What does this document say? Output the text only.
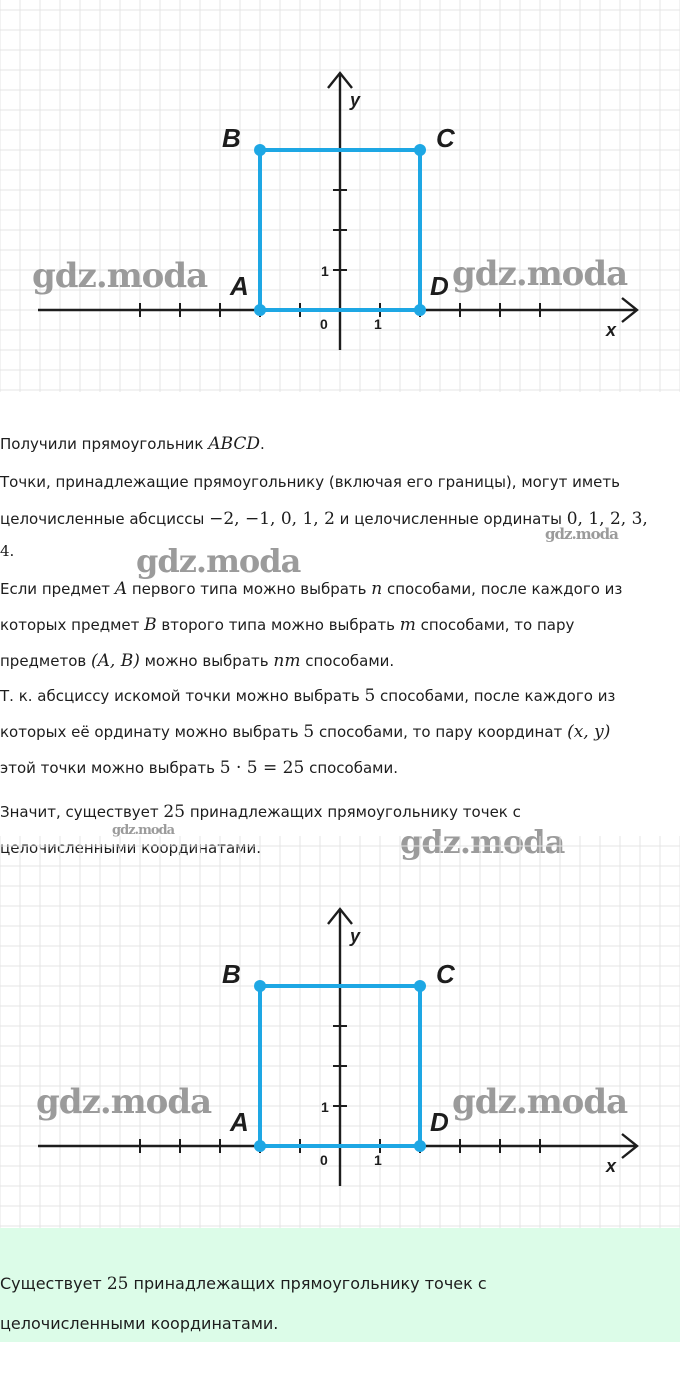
B	C
A	D
y
x
0	1
1
gdz.moda	gdz.moda
Получили прямоугольник ABCD.
Точки, принадлежащие прямоугольнику (включая его границы), могут иметь
целочисленные абсциссы −2, −1, 0, 1, 2 и целочисленные ординаты 0, 1, 2, 3,
4.
Если предмет A первого типа можно выбрать n способами, после каждого из
которых предмет B второго типа можно выбрать m способами, то пару
предметов (A, B) можно выбрать nm способами.
Т. к. абсциссу искомой точки можно выбрать 5 способами, после каждого из
которых её ординату можно выбрать 5 способами, то пару координат (x, y)
этой точки можно выбрать 5 · 5 = 25 способами.
Значит, существует 25 принадлежащих прямоугольнику точек с
целочисленными координатами.
gdz.moda
gdz.moda
gdz.moda	gdz.moda
B	C
A	D
y
x
0	1
1
gdz.moda	gdz.moda
Существует 25 принадлежащих прямоугольнику точек с
целочисленными координатами.
